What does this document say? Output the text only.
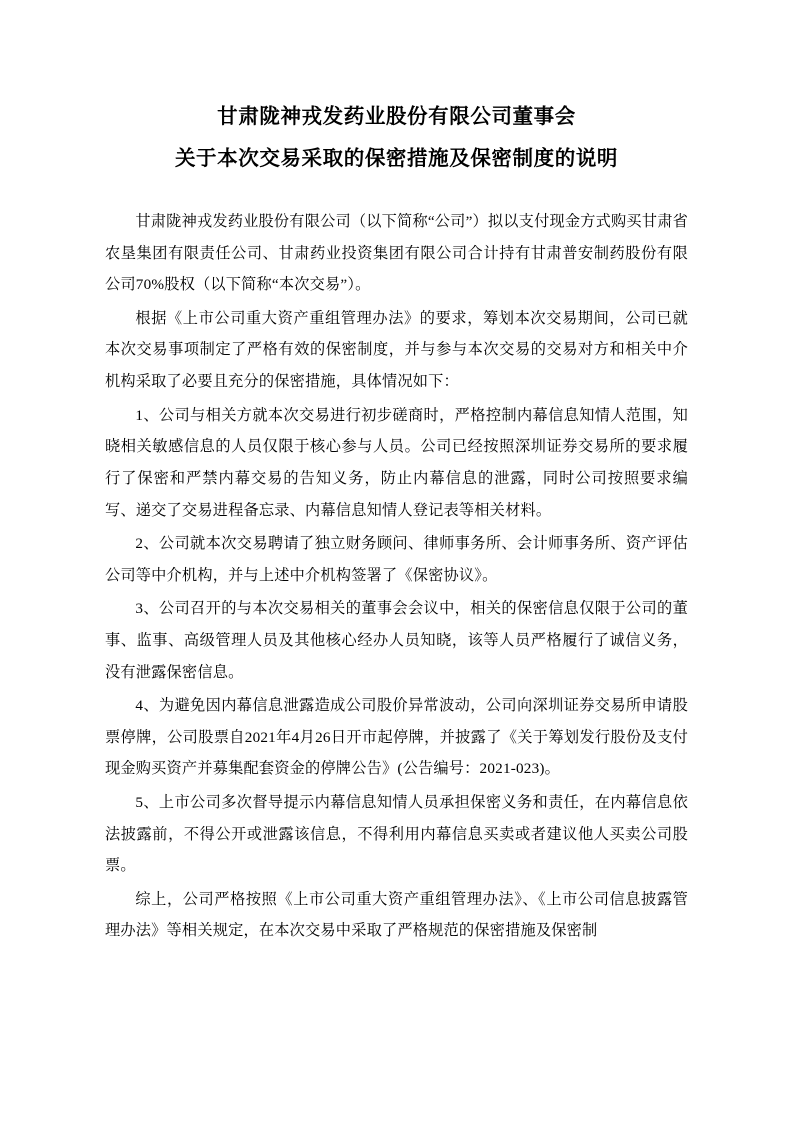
甘肃陇神戎发药业股份有限公司董事会
关于本次交易采取的保密措施及保密制度的说明

甘肃陇神戎发药业股份有限公司（以下简称“公司”）拟以支付现金方式购买甘肃省农垦集团有限责任公司、甘肃药业投资集团有限公司合计持有甘肃普安制药股份有限公司70%股权（以下简称“本次交易”）。

根据《上市公司重大资产重组管理办法》的要求，筹划本次交易期间，公司已就本次交易事项制定了严格有效的保密制度，并与参与本次交易的交易对方和相关中介机构采取了必要且充分的保密措施，具体情况如下：

1、公司与相关方就本次交易进行初步磋商时，严格控制内幕信息知情人范围，知晓相关敏感信息的人员仅限于核心参与人员。公司已经按照深圳证券交易所的要求履行了保密和严禁内幕交易的告知义务，防止内幕信息的泄露，同时公司按照要求编写、递交了交易进程备忘录、内幕信息知情人登记表等相关材料。

2、公司就本次交易聘请了独立财务顾问、律师事务所、会计师事务所、资产评估公司等中介机构，并与上述中介机构签署了《保密协议》。

3、公司召开的与本次交易相关的董事会会议中，相关的保密信息仅限于公司的董事、监事、高级管理人员及其他核心经办人员知晓，该等人员严格履行了诚信义务，没有泄露保密信息。

4、为避免因内幕信息泄露造成公司股价异常波动，公司向深圳证券交易所申请股票停牌，公司股票自2021年4月26日开市起停牌，并披露了《关于筹划发行股份及支付现金购买资产并募集配套资金的停牌公告》(公告编号：2021-023)。

5、上市公司多次督导提示内幕信息知情人员承担保密义务和责任，在内幕信息依法披露前，不得公开或泄露该信息，不得利用内幕信息买卖或者建议他人买卖公司股票。

综上，公司严格按照《上市公司重大资产重组管理办法》、《上市公司信息披露管理办法》等相关规定，在本次交易中采取了严格规范的保密措施及保密制
